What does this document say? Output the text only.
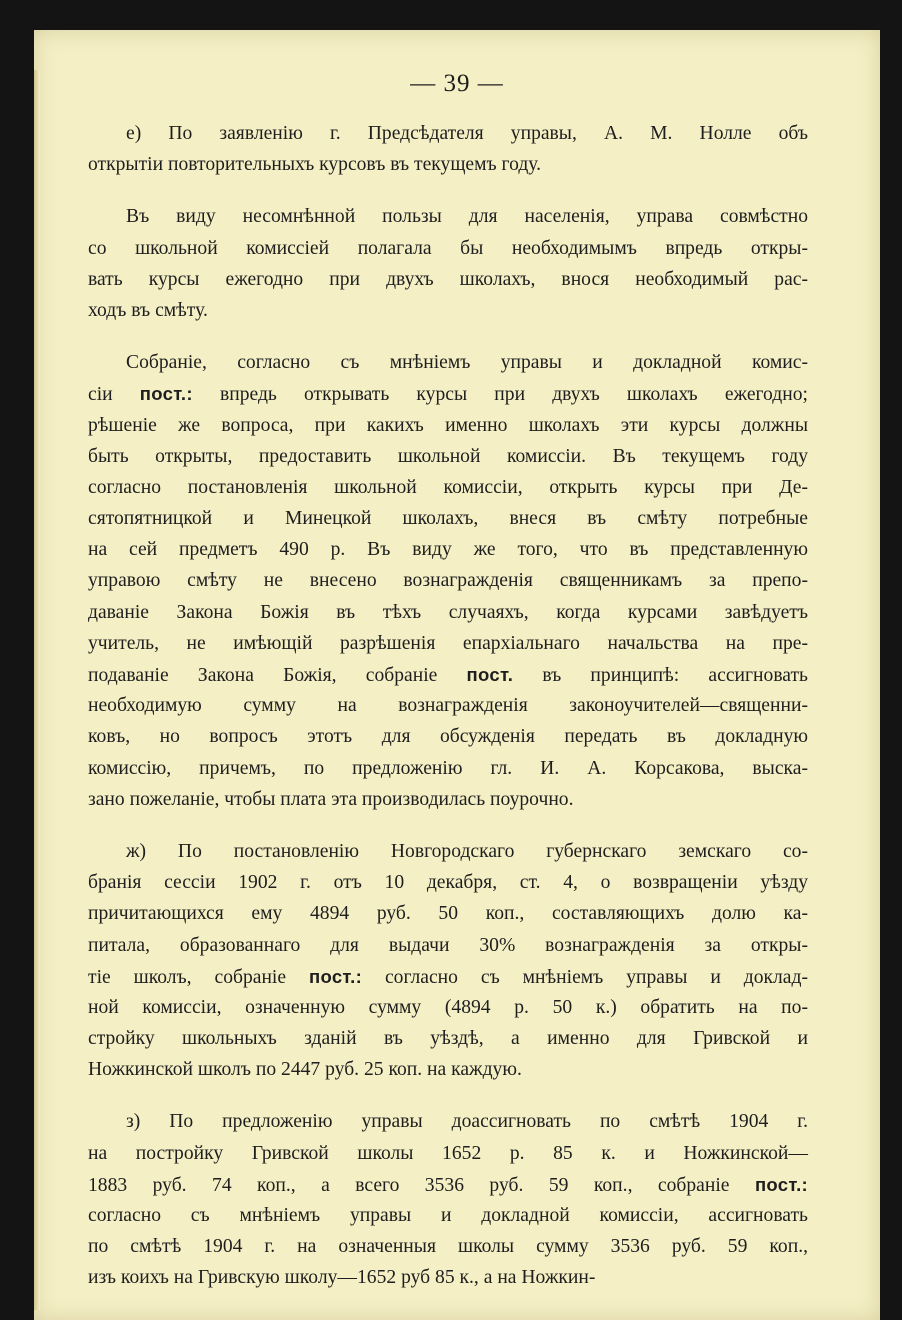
— 39 —
е) По заявленію г. Предсѣдателя управы, А. М. Нолле объ
открытіи повторительныхъ курсовъ въ текущемъ году.
Въ виду несомнѣнной пользы для населенія, управа совмѣстно
со школьной комиссіей полагала бы необходимымъ впредь откры-
вать курсы ежегодно при двухъ школахъ, внося необходимый рас-
ходъ въ смѣту.
Собраніе, согласно съ мнѣніемъ управы и докладной комис-
сіи пост.: впредь открывать курсы при двухъ школахъ ежегодно;
рѣшеніе же вопроса, при какихъ именно школахъ эти курсы должны
быть открыты, предоставить школьной комиссіи. Въ текущемъ году
согласно постановленія школьной комиссіи, открыть курсы при Де-
сятопятницкой и Минецкой школахъ, внеся въ смѣту потребные
на сей предметъ 490 р. Въ виду же того, что въ представленную
управою смѣту не внесено вознагражденія священникамъ за препо-
даваніе Закона Божія въ тѣхъ случаяхъ, когда курсами завѣдуетъ
учитель, не имѣющій разрѣшенія епархіальнаго начальства на пре-
подаваніе Закона Божія, собраніе пост. въ принципѣ: ассигновать
необходимую сумму на вознагражденія законоучителей—священни-
ковъ, но вопросъ этотъ для обсужденія передать въ докладную
комиссію, причемъ, по предложенію гл. И. А. Корсакова, выска-
зано пожеланіе, чтобы плата эта производилась поурочно.
ж) По постановленію Новгородскаго губернскаго земскаго со-
бранія сессіи 1902 г. отъ 10 декабря, ст. 4, о возвращеніи уѣзду
причитающихся ему 4894 руб. 50 коп., составляющихъ долю ка-
питала, образованнаго для выдачи 30% вознагражденія за откры-
тіе школъ, собраніе пост.: согласно съ мнѣніемъ управы и доклад-
ной комиссіи, означенную сумму (4894 р. 50 к.) обратить на по-
стройку школьныхъ зданій въ уѣздѣ, а именно для Гривской и
Ножкинской школъ по 2447 руб. 25 коп. на каждую.
з) По предложенію управы доассигновать по смѣтѣ 1904 г.
на постройку Гривской школы 1652 р. 85 к. и Ножкинской—
1883 руб. 74 коп., а всего 3536 руб. 59 коп., собраніе пост.:
согласно съ мнѣніемъ управы и докладной комиссіи, ассигновать
по смѣтѣ 1904 г. на означенныя школы сумму 3536 руб. 59 коп.,
изъ коихъ на Гривскую школу—1652 руб 85 к., а на Ножкин-
